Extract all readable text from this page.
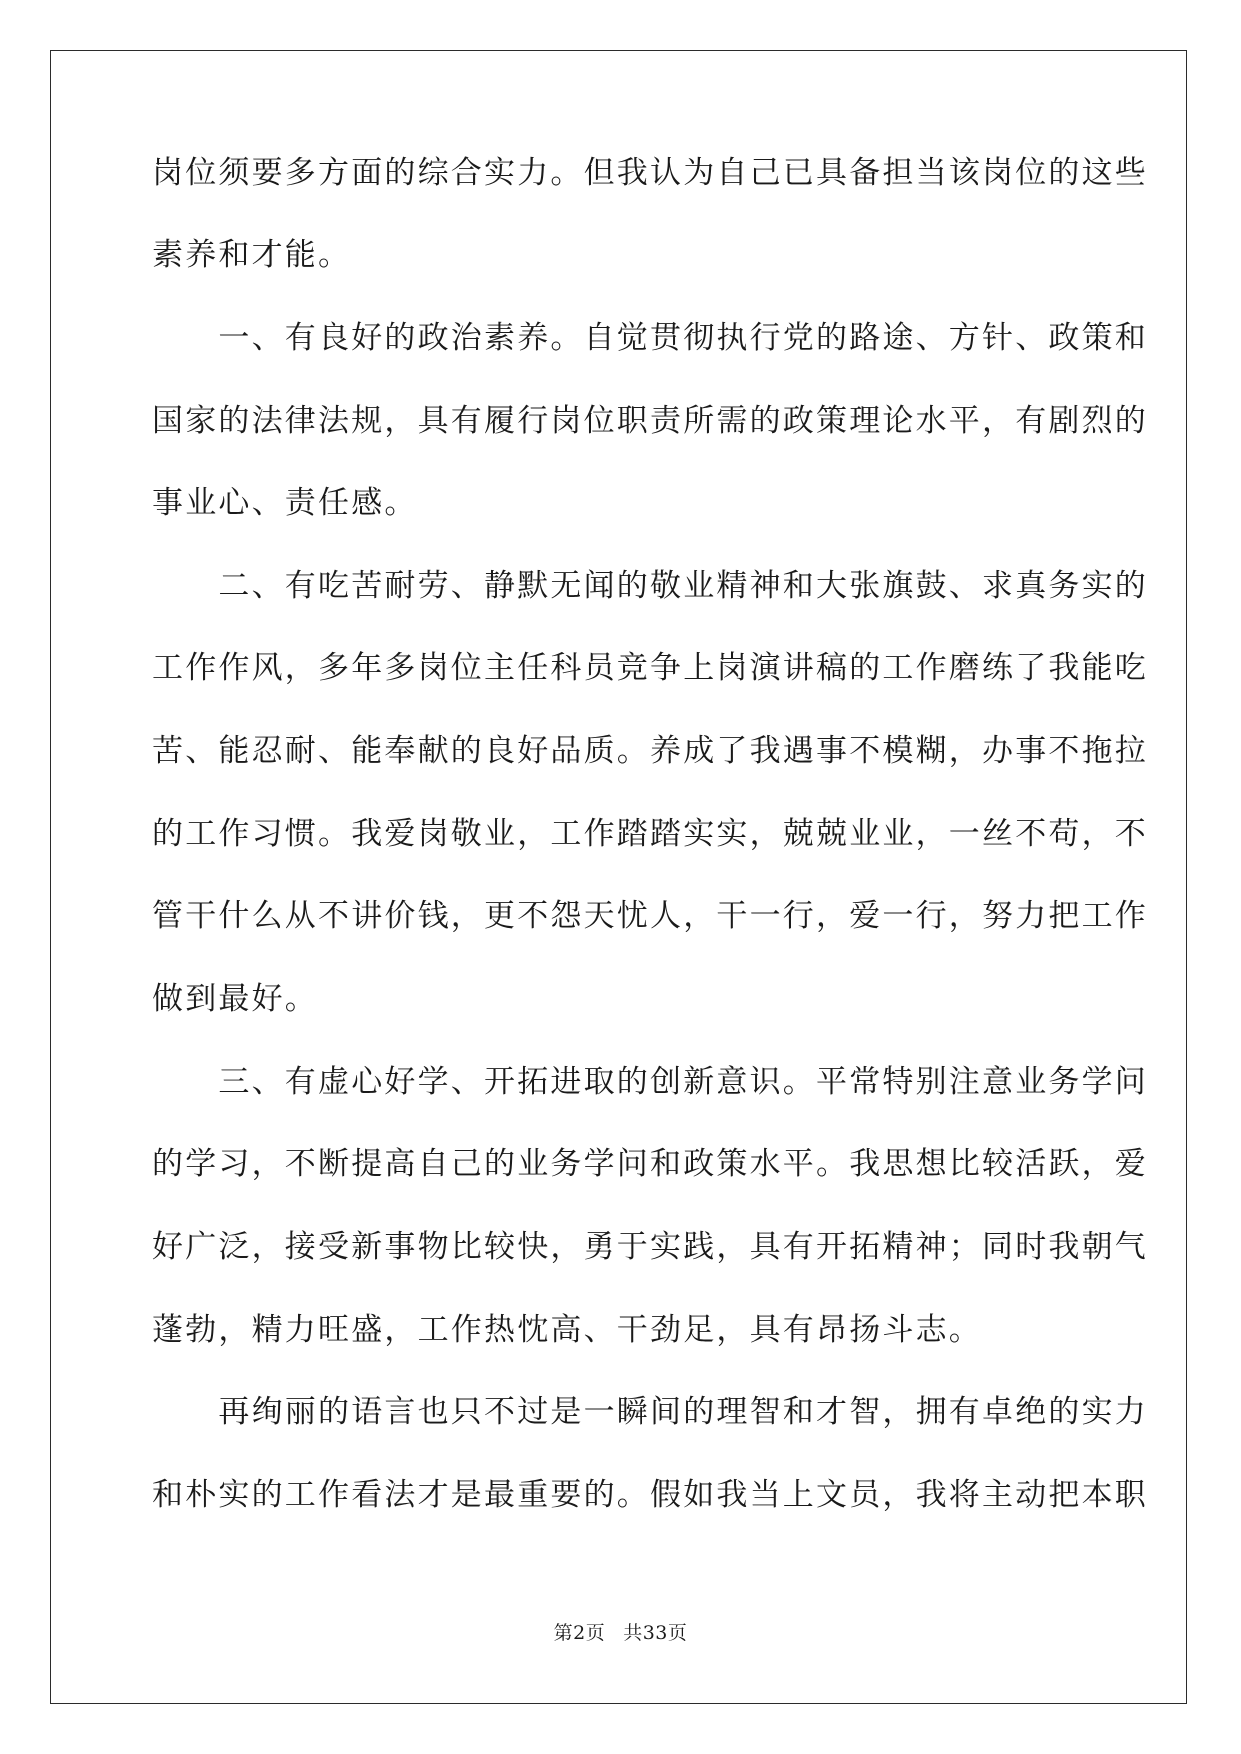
岗位须要多方面的综合实力。但我认为自己已具备担当该岗位的这些
素养和才能。
　　一、有良好的政治素养。自觉贯彻执行党的路途、方针、政策和
国家的法律法规，具有履行岗位职责所需的政策理论水平，有剧烈的
事业心、责任感。
　　二、有吃苦耐劳、静默无闻的敬业精神和大张旗鼓、求真务实的
工作作风，多年多岗位主任科员竞争上岗演讲稿的工作磨练了我能吃
苦、能忍耐、能奉献的良好品质。养成了我遇事不模糊，办事不拖拉
的工作习惯。我爱岗敬业，工作踏踏实实，兢兢业业，一丝不苟，不
管干什么从不讲价钱，更不怨天忧人，干一行，爱一行，努力把工作
做到最好。
　　三、有虚心好学、开拓进取的创新意识。平常特别注意业务学问
的学习，不断提高自己的业务学问和政策水平。我思想比较活跃，爱
好广泛，接受新事物比较快，勇于实践，具有开拓精神；同时我朝气
蓬勃，精力旺盛，工作热忱高、干劲足，具有昂扬斗志。
　　再绚丽的语言也只不过是一瞬间的理智和才智，拥有卓绝的实力
和朴实的工作看法才是最重要的。假如我当上文员，我将主动把本职
第2页 共33页
